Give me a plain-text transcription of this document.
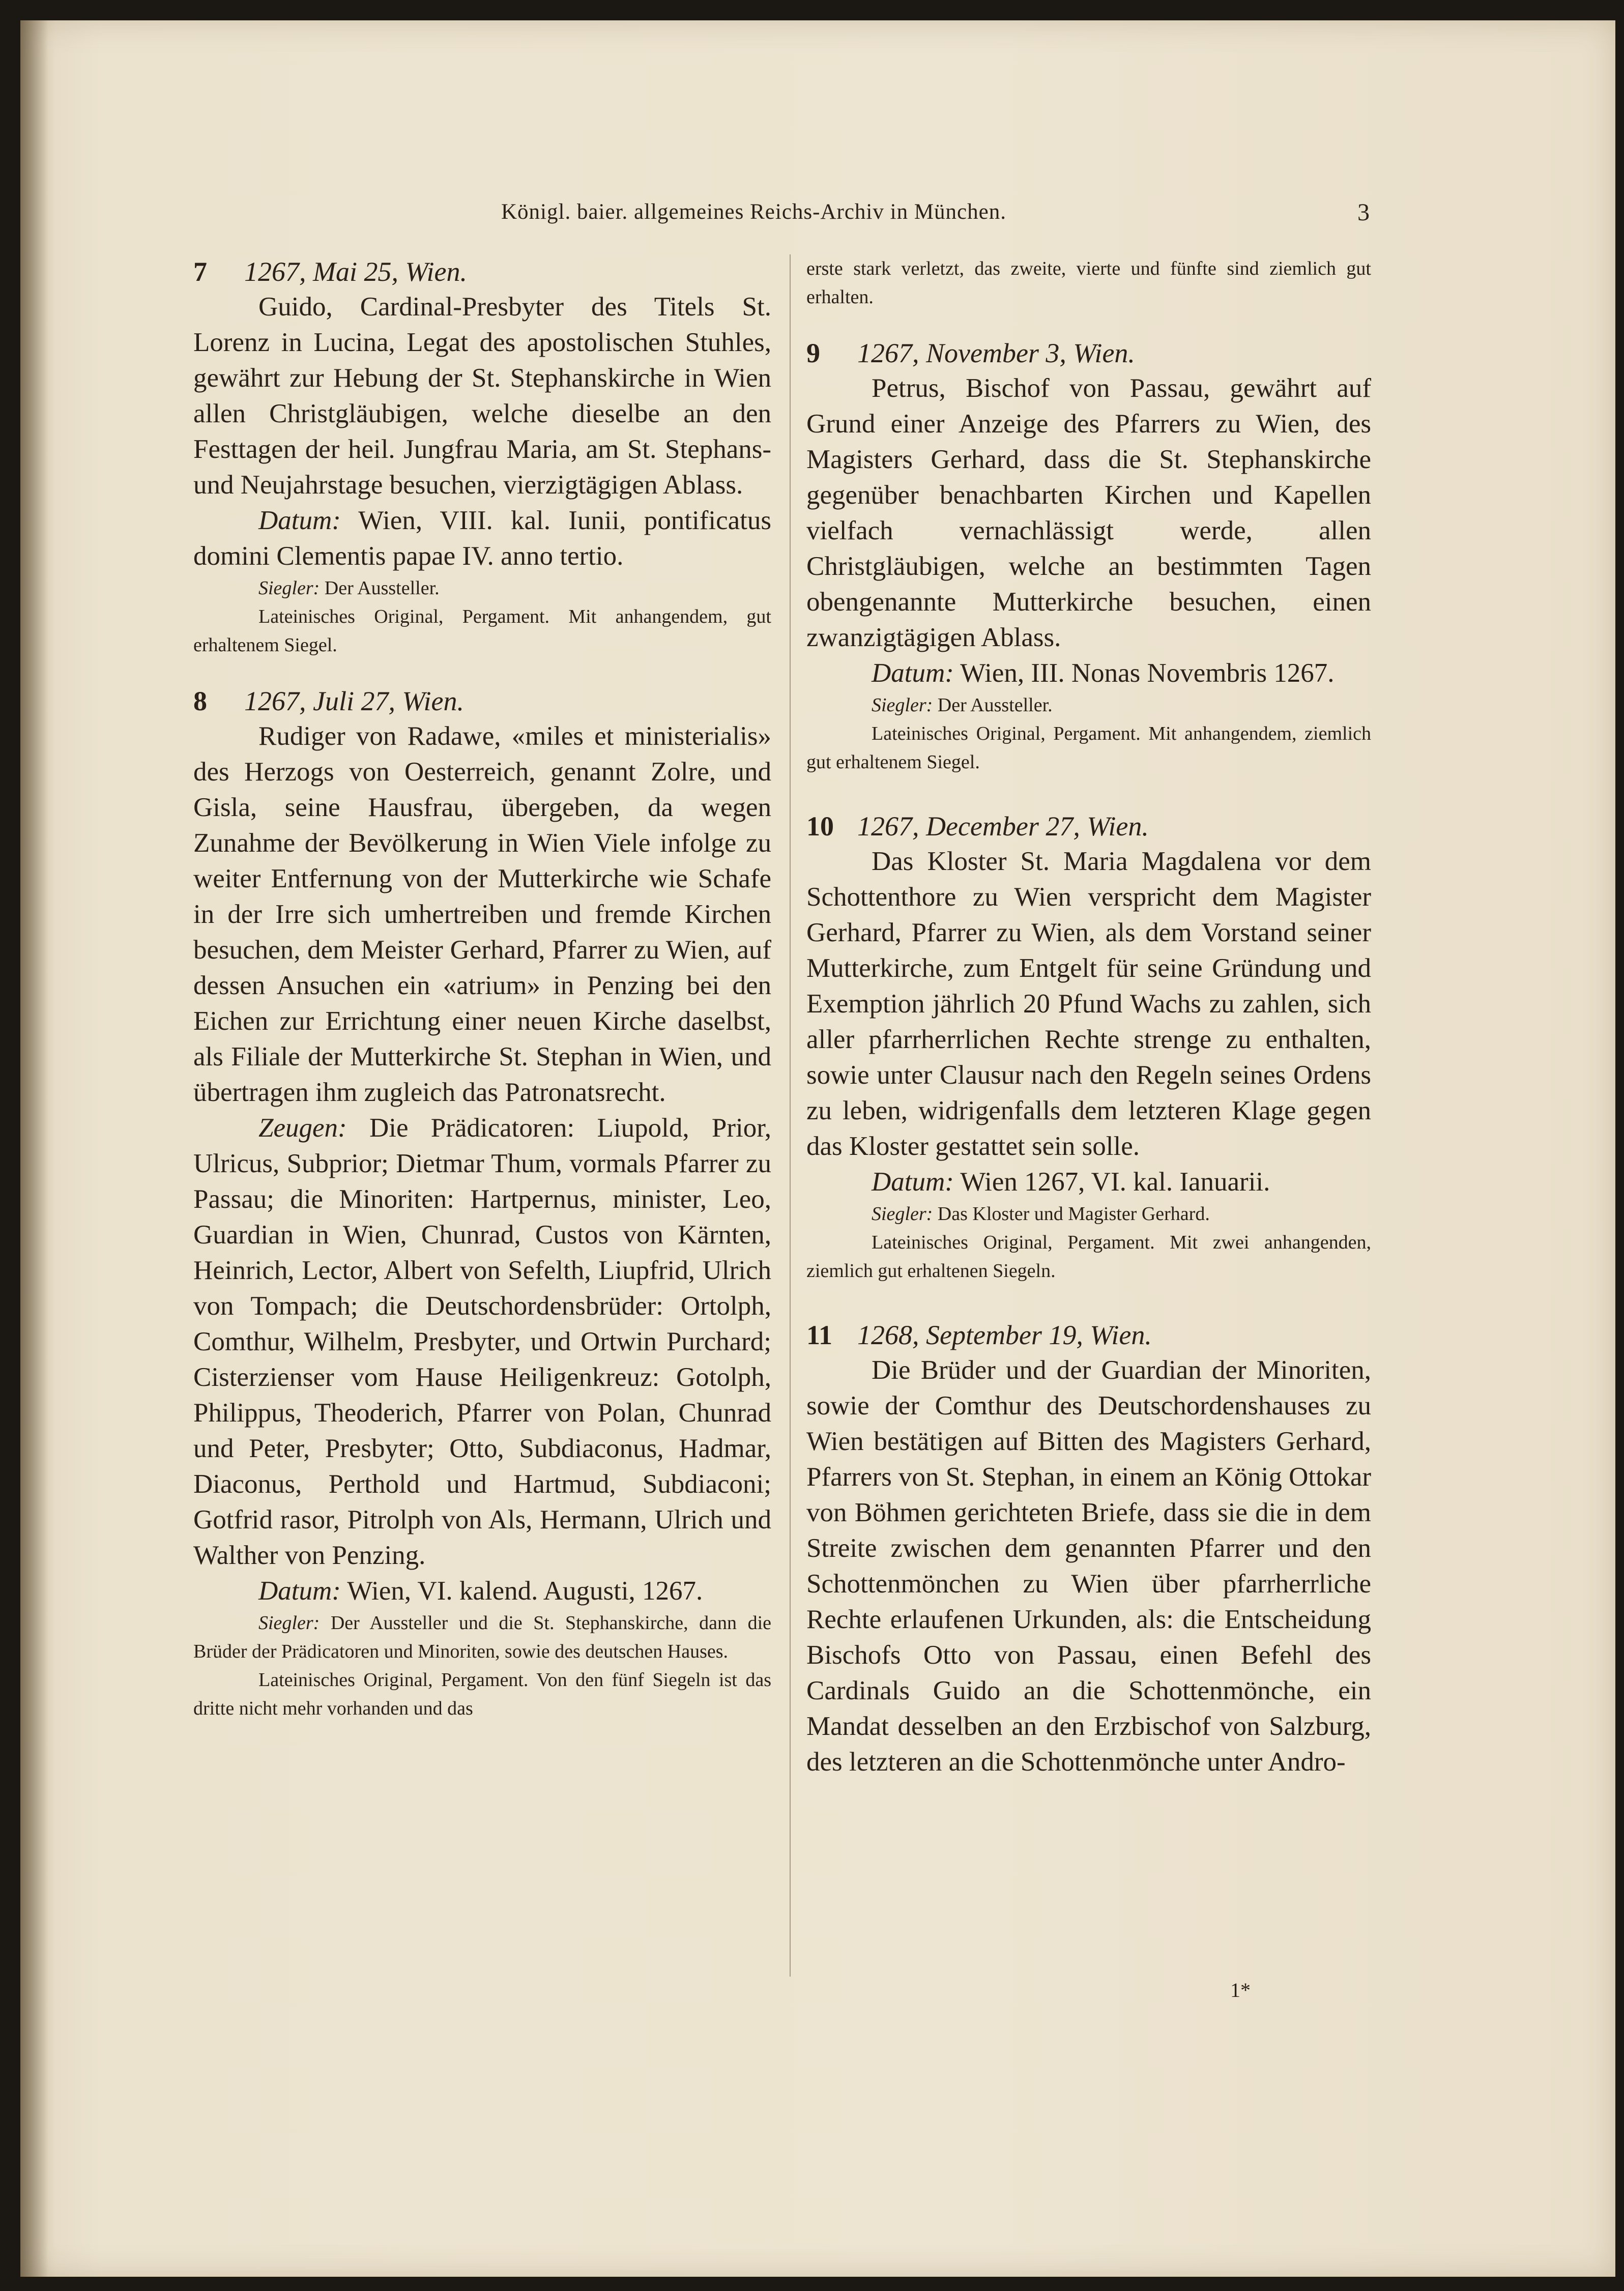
Königl. baier. allgemeines Reichs-Archiv in München.	3
7 1267, Mai 25, Wien.

Guido, Cardinal-Presbyter des Titels St. Lorenz in Lucina, Legat des apostolischen Stuhles, gewährt zur Hebung der St. Stephanskirche in Wien allen Christgläubigen, welche dieselbe an den Festtagen der heil. Jungfrau Maria, am St. Stephans- und Neujahrstage besuchen, vierzigtägigen Ablass.

Datum: Wien, VIII. kal. Iunii, pontificatus domini Clementis papae IV. anno tertio.

Siegler: Der Aussteller.

Lateinisches Original, Pergament. Mit anhangendem, gut erhaltenem Siegel.

8 1267, Juli 27, Wien.

Rudiger von Radawe, «miles et ministerialis» des Herzogs von Oesterreich, genannt Zolre, und Gisla, seine Hausfrau, übergeben, da wegen Zunahme der Bevölkerung in Wien Viele infolge zu weiter Entfernung von der Mutterkirche wie Schafe in der Irre sich umhertreiben und fremde Kirchen besuchen, dem Meister Gerhard, Pfarrer zu Wien, auf dessen Ansuchen ein «atrium» in Penzing bei den Eichen zur Errichtung einer neuen Kirche daselbst, als Filiale der Mutterkirche St. Stephan in Wien, und übertragen ihm zugleich das Patronatsrecht.

Zeugen: Die Prädicatoren: Liupold, Prior, Ulricus, Subprior; Dietmar Thum, vormals Pfarrer zu Passau; die Minoriten: Hartpernus, minister, Leo, Guardian in Wien, Chunrad, Custos von Kärnten, Heinrich, Lector, Albert von Sefelth, Liupfrid, Ulrich von Tompach; die Deutschordensbrüder: Ortolph, Comthur, Wilhelm, Presbyter, und Ortwin Purchard; Cisterzienser vom Hause Heiligenkreuz: Gotolph, Philippus, Theoderich, Pfarrer von Polan, Chunrad und Peter, Presbyter; Otto, Subdiaconus, Hadmar, Diaconus, Perthold und Hartmud, Subdiaconi; Gotfrid rasor, Pitrolph von Als, Hermann, Ulrich und Walther von Penzing.

Datum: Wien, VI. kalend. Augusti, 1267.

Siegler: Der Aussteller und die St. Stephanskirche, dann die Brüder der Prädicatoren und Minoriten, sowie des deutschen Hauses.

Lateinisches Original, Pergament. Von den fünf Siegeln ist das dritte nicht mehr vorhanden und das

erste stark verletzt, das zweite, vierte und fünfte sind ziemlich gut erhalten.

9 1267, November 3, Wien.

Petrus, Bischof von Passau, gewährt auf Grund einer Anzeige des Pfarrers zu Wien, des Magisters Gerhard, dass die St. Stephanskirche gegenüber benachbarten Kirchen und Kapellen vielfach vernachlässigt werde, allen Christgläubigen, welche an bestimmten Tagen obengenannte Mutterkirche besuchen, einen zwanzigtägigen Ablass.

Datum: Wien, III. Nonas Novembris 1267.

Siegler: Der Aussteller.

Lateinisches Original, Pergament. Mit anhangendem, ziemlich gut erhaltenem Siegel.

10 1267, December 27, Wien.

Das Kloster St. Maria Magdalena vor dem Schottenthore zu Wien verspricht dem Magister Gerhard, Pfarrer zu Wien, als dem Vorstand seiner Mutterkirche, zum Entgelt für seine Gründung und Exemption jährlich 20 Pfund Wachs zu zahlen, sich aller pfarrherrlichen Rechte strenge zu enthalten, sowie unter Clausur nach den Regeln seines Ordens zu leben, widrigenfalls dem letzteren Klage gegen das Kloster gestattet sein solle.

Datum: Wien 1267, VI. kal. Ianuarii.

Siegler: Das Kloster und Magister Gerhard.

Lateinisches Original, Pergament. Mit zwei anhangenden, ziemlich gut erhaltenen Siegeln.

11 1268, September 19, Wien.

Die Brüder und der Guardian der Minoriten, sowie der Comthur des Deutschordenshauses zu Wien bestätigen auf Bitten des Magisters Gerhard, Pfarrers von St. Stephan, in einem an König Ottokar von Böhmen gerichteten Briefe, dass sie die in dem Streite zwischen dem genannten Pfarrer und den Schottenmönchen zu Wien über pfarrherrliche Rechte erlaufenen Urkunden, als: die Entscheidung Bischofs Otto von Passau, einen Befehl des Cardinals Guido an die Schottenmönche, ein Mandat desselben an den Erzbischof von Salzburg, des letzteren an die Schottenmönche unter Andro-

1*
